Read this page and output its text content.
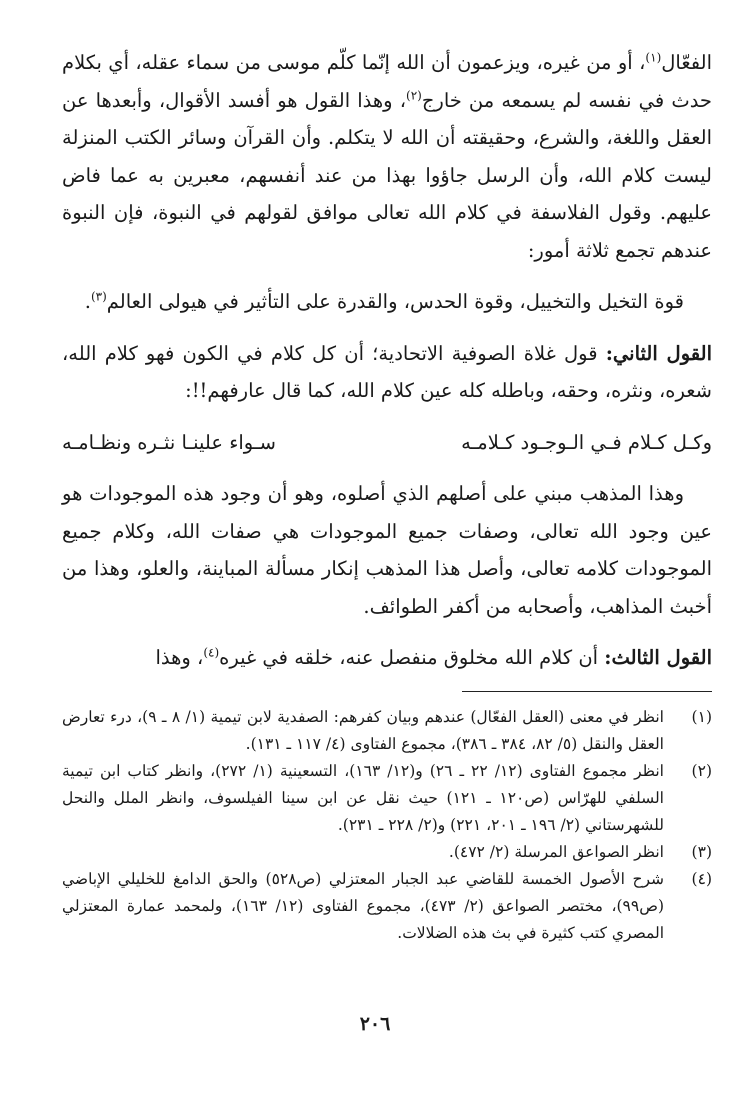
الفعّال$^{(١)}$، أو من غيره، ويزعمون أن الله إنّما كلّم موسى من سماء عقله، أي بكلام حدث في نفسه لم يسمعه من خارج$^{(٢)}$، وهذا القول هو أفسد الأقوال، وأبعدها عن العقل واللغة، والشرع، وحقيقته أن الله لا يتكلم. وأن القرآن وسائر الكتب المنزلة ليست كلام الله، وأن الرسل جاؤوا بهذا من عند أنفسهم، معبرين به عما فاض عليهم. وقول الفلاسفة في كلام الله تعالى موافق لقولهم في النبوة، فإن النبوة عندهم تجمع ثلاثة أمور:

قوة التخيل والتخييل، وقوة الحدس، والقدرة على التأثير في هيولى العالم$^{(٣)}$.

القول الثاني: قول غلاة الصوفية الاتحادية؛ أن كل كلام في الكون فهو كلام الله، شعره، ونثره، وحقه، وباطله كله عين كلام الله، كما قال عارفهم!!:

وكـل كـلام فـي الـوجـود كـلامـه
سـواء علينـا نثـره ونظـامـه

وهذا المذهب مبني على أصلهم الذي أصلوه، وهو أن وجود هذه الموجودات هو عين وجود الله تعالى، وصفات جميع الموجودات هي صفات الله، وكلام جميع الموجودات كلامه تعالى، وأصل هذا المذهب إنكار مسألة المباينة، والعلو، وهذا من أخبث المذاهب، وأصحابه من أكفر الطوائف.

القول الثالث: أن كلام الله مخلوق منفصل عنه، خلقه في غيره$^{(٤)}$، وهذا

(١)
انظر في معنى (العقل الفعّال) عندهم وبيان كفرهم: الصفدية لابن تيمية (١/ ٨ ـ ٩)، درء تعارض العقل والنقل (٥/ ٨٢، ٣٨٤ ـ ٣٨٦)، مجموع الفتاوى (٤/ ١١٧ ـ ١٣١).
(٢)
انظر مجموع الفتاوى (١٢/ ٢٢ ـ ٢٦) و(١٢/ ١٦٣)، التسعينية (١/ ٢٧٢)، وانظر كتاب ابن تيمية السلفي للهرّاس (ص١٢٠ ـ ١٢١) حيث نقل عن ابن سينا الفيلسوف، وانظر الملل والنحل للشهرستاني (٢/ ١٩٦ ـ ٢٠١، ٢٢١) و(٢/ ٢٢٨ ـ ٢٣١).
(٣)
انظر الصواعق المرسلة (٢/ ٤٧٢).
(٤)
شرح الأصول الخمسة للقاضي عبد الجبار المعتزلي (ص٥٢٨) والحق الدامغ للخليلي الإباضي (ص٩٩)، مختصر الصواعق (٢/ ٤٧٣)، مجموع الفتاوى (١٢/ ١٦٣)، ولمحمد عمارة المعتزلي المصري كتب كثيرة في بث هذه الضلالات.
٢٠٦
